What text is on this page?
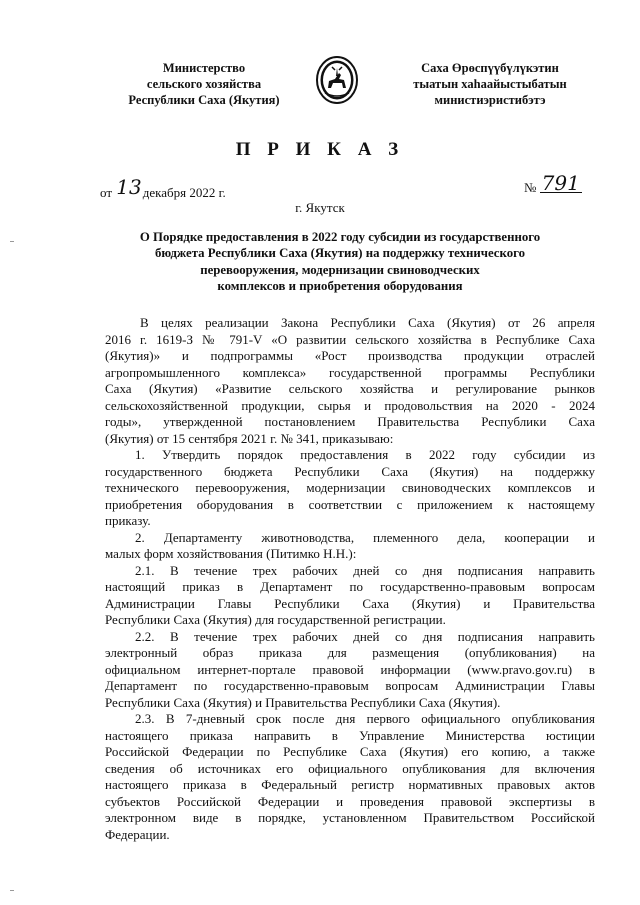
Министерство
сельского хозяйства
Республики Саха (Якутия)
Саха Өрөспүүбүлүкэтин
тыатын хаһаайыстыбатын
министиэристибэтэ
П Р И К А З
от 13декабря 2022 г.	№ 791
г. Якутск
О Порядке предоставления в 2022 году субсидии из государственного
бюджета Республики Саха (Якутия) на поддержку технического
перевооружения, модернизации свиноводческих
комплексов и приобретения оборудования
В целях реализации Закона Республики Саха (Якутия) от 26 апреля
2016 г. 1619-З № 791-V «О развитии сельского хозяйства в Республике Саха
(Якутия)» и подпрограммы «Рост производства продукции отраслей
агропромышленного комплекса» государственной программы Республики
Саха (Якутия) «Развитие сельского хозяйства и регулирование рынков
сельскохозяйственной продукции, сырья и продовольствия на 2020 - 2024
годы», утвержденной постановлением Правительства Республики Саха
(Якутия) от 15 сентября 2021 г. № 341, приказываю:
1. Утвердить порядок предоставления в 2022 году субсидии из
государственного бюджета Республики Саха (Якутия) на поддержку
технического перевооружения, модернизации свиноводческих комплексов и
приобретения оборудования в соответствии с приложением к настоящему
приказу.
2. Департаменту животноводства, племенного дела, кооперации и
малых форм хозяйствования (Питимко Н.Н.):
2.1. В течение трех рабочих дней со дня подписания направить
настоящий приказ в Департамент по государственно-правовым вопросам
Администрации Главы Республики Саха (Якутия) и Правительства
Республики Саха (Якутия) для государственной регистрации.
2.2. В течение трех рабочих дней со дня подписания направить
электронный образ приказа для размещения (опубликования) на
официальном интернет-портале правовой информации (www.pravo.gov.ru) в
Департамент по государственно-правовым вопросам Администрации Главы
Республики Саха (Якутия) и Правительства Республики Саха (Якутия).
2.3. В 7-дневный срок после дня первого официального опубликования
настоящего приказа направить в Управление Министерства юстиции
Российской Федерации по Республике Саха (Якутия) его копию, а также
сведения об источниках его официального опубликования для включения
настоящего приказа в Федеральный регистр нормативных правовых актов
субъектов Российской Федерации и проведения правовой экспертизы в
электронном виде в порядке, установленном Правительством Российской
Федерации.
